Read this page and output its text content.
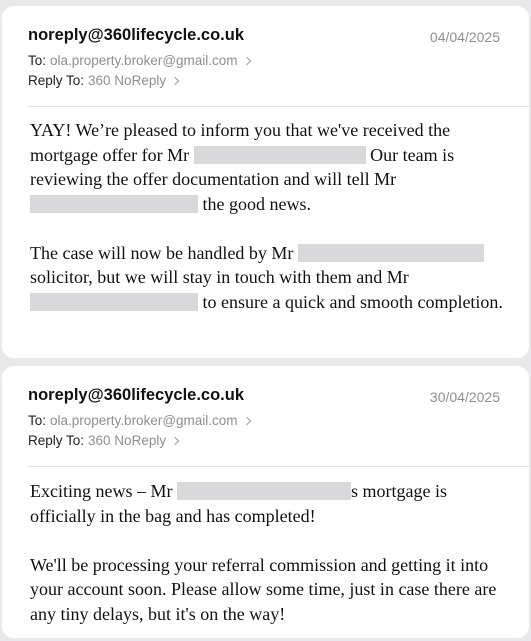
noreply@360lifecycle.co.uk	04/04/2025
To: ola.property.broker@gmail.com
Reply To: 360 NoReply

YAY! We’re pleased to inform you that we've received the mortgage offer for Mr	Our team is reviewing the offer documentation and will tell Mr  the good news.

The case will now be handled by Mr  solicitor, but we will stay in touch with them and Mr  to ensure a quick and smooth completion.

noreply@360lifecycle.co.uk	30/04/2025
To: ola.property.broker@gmail.com
Reply To: 360 NoReply

Exciting news – Mr	s mortgage is officially in the bag and has completed!

We'll be processing your referral commission and getting it into your account soon. Please allow some time, just in case there are any tiny delays, but it's on the way!
